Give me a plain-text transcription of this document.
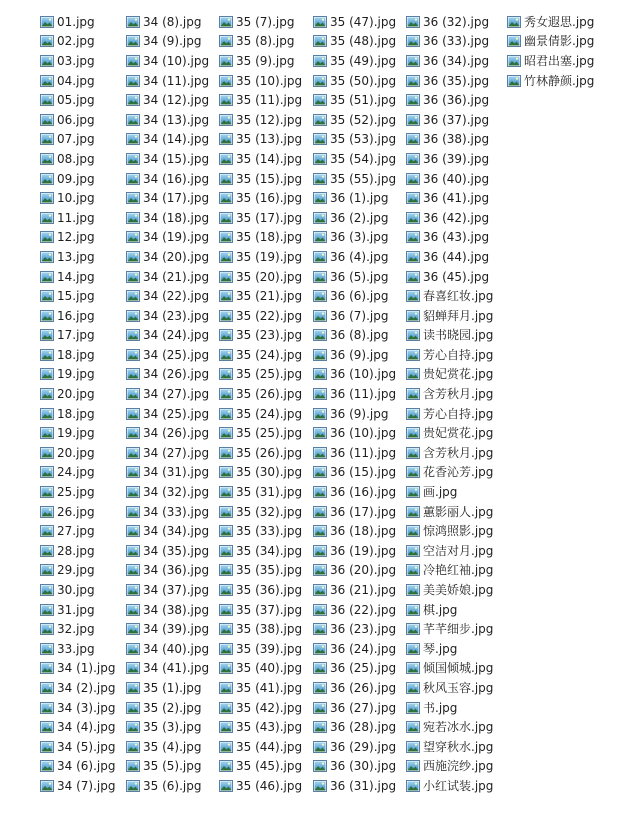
01.jpg
02.jpg
03.jpg
04.jpg
05.jpg
06.jpg
07.jpg
08.jpg
09.jpg
10.jpg
11.jpg
12.jpg
13.jpg
14.jpg
15.jpg
16.jpg
17.jpg
18.jpg
19.jpg
20.jpg
18.jpg
19.jpg
20.jpg
24.jpg
25.jpg
26.jpg
27.jpg
28.jpg
29.jpg
30.jpg
31.jpg
32.jpg
33.jpg
34 (1).jpg
34 (2).jpg
34 (3).jpg
34 (4).jpg
34 (5).jpg
34 (6).jpg
34 (7).jpg
34 (8).jpg
34 (9).jpg
34 (10).jpg
34 (11).jpg
34 (12).jpg
34 (13).jpg
34 (14).jpg
34 (15).jpg
34 (16).jpg
34 (17).jpg
34 (18).jpg
34 (19).jpg
34 (20).jpg
34 (21).jpg
34 (22).jpg
34 (23).jpg
34 (24).jpg
34 (25).jpg
34 (26).jpg
34 (27).jpg
34 (25).jpg
34 (26).jpg
34 (27).jpg
34 (31).jpg
34 (32).jpg
34 (33).jpg
34 (34).jpg
34 (35).jpg
34 (36).jpg
34 (37).jpg
34 (38).jpg
34 (39).jpg
34 (40).jpg
34 (41).jpg
35 (1).jpg
35 (2).jpg
35 (3).jpg
35 (4).jpg
35 (5).jpg
35 (6).jpg
35 (7).jpg
35 (8).jpg
35 (9).jpg
35 (10).jpg
35 (11).jpg
35 (12).jpg
35 (13).jpg
35 (14).jpg
35 (15).jpg
35 (16).jpg
35 (17).jpg
35 (18).jpg
35 (19).jpg
35 (20).jpg
35 (21).jpg
35 (22).jpg
35 (23).jpg
35 (24).jpg
35 (25).jpg
35 (26).jpg
35 (24).jpg
35 (25).jpg
35 (26).jpg
35 (30).jpg
35 (31).jpg
35 (32).jpg
35 (33).jpg
35 (34).jpg
35 (35).jpg
35 (36).jpg
35 (37).jpg
35 (38).jpg
35 (39).jpg
35 (40).jpg
35 (41).jpg
35 (42).jpg
35 (43).jpg
35 (44).jpg
35 (45).jpg
35 (46).jpg
35 (47).jpg
35 (48).jpg
35 (49).jpg
35 (50).jpg
35 (51).jpg
35 (52).jpg
35 (53).jpg
35 (54).jpg
35 (55).jpg
36 (1).jpg
36 (2).jpg
36 (3).jpg
36 (4).jpg
36 (5).jpg
36 (6).jpg
36 (7).jpg
36 (8).jpg
36 (9).jpg
36 (10).jpg
36 (11).jpg
36 (9).jpg
36 (10).jpg
36 (11).jpg
36 (15).jpg
36 (16).jpg
36 (17).jpg
36 (18).jpg
36 (19).jpg
36 (20).jpg
36 (21).jpg
36 (22).jpg
36 (23).jpg
36 (24).jpg
36 (25).jpg
36 (26).jpg
36 (27).jpg
36 (28).jpg
36 (29).jpg
36 (30).jpg
36 (31).jpg
36 (32).jpg
36 (33).jpg
36 (34).jpg
36 (35).jpg
36 (36).jpg
36 (37).jpg
36 (38).jpg
36 (39).jpg
36 (40).jpg
36 (41).jpg
36 (42).jpg
36 (43).jpg
36 (44).jpg
36 (45).jpg
春喜红妆.jpg
貂蝉拜月.jpg
读书晓园.jpg
芳心自持.jpg
贵妃赏花.jpg
含芳秋月.jpg
芳心自持.jpg
贵妃赏花.jpg
含芳秋月.jpg
花香沁芳.jpg
画.jpg
蕙影丽人.jpg
惊鸿照影.jpg
空洁对月.jpg
冷艳红袖.jpg
美美娇娘.jpg
棋.jpg
芊芊细步.jpg
琴.jpg
倾国倾城.jpg
秋风玉容.jpg
书.jpg
宛若冰水.jpg
望穿秋水.jpg
西施浣纱.jpg
小红试装.jpg
秀女遐思.jpg
幽景倩影.jpg
昭君出塞.jpg
竹林静颜.jpg
